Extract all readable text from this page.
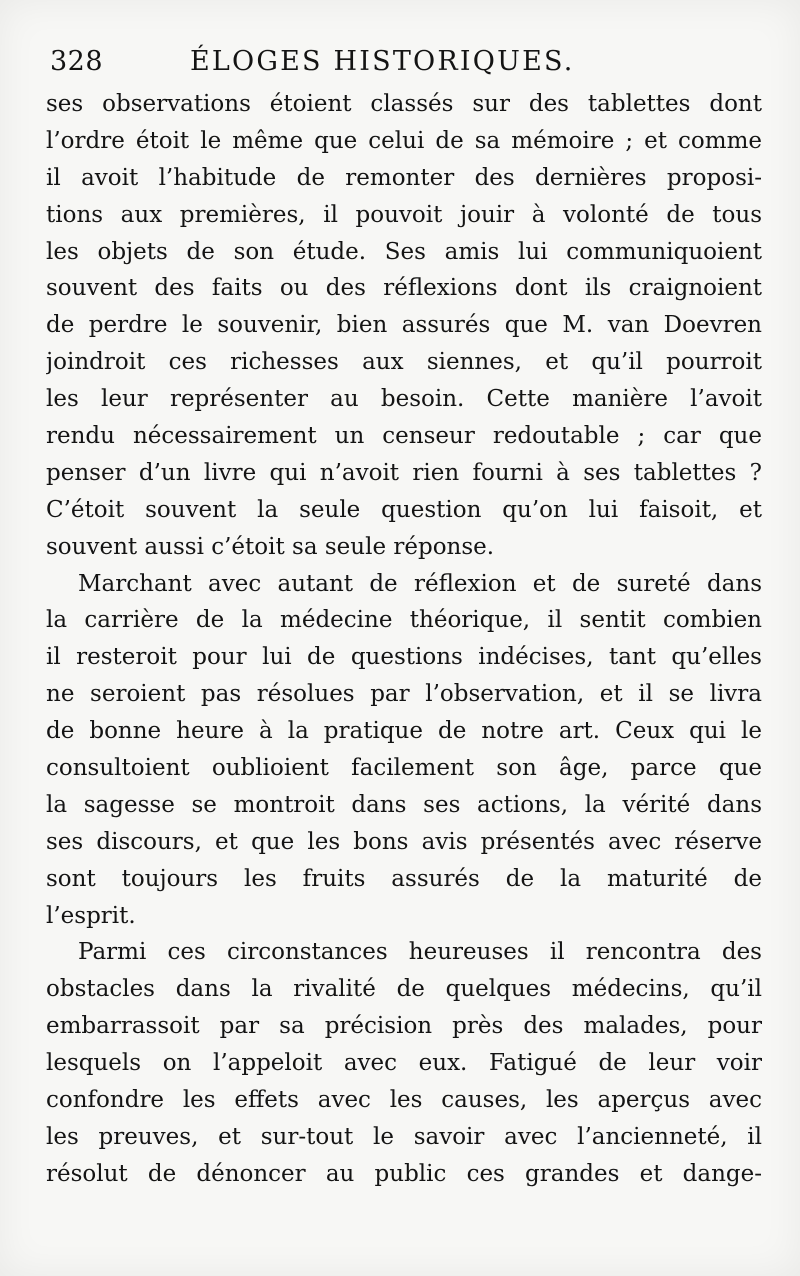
328	ÉLOGES HISTORIQUES.
ses observations étoient classés sur des tablettes dont
l’ordre étoit le même que celui de sa mémoire ; et comme
il avoit l’habitude de remonter des dernières proposi-
tions aux premières, il pouvoit jouir à volonté de tous
les objets de son étude. Ses amis lui communiquoient
souvent des faits ou des réflexions dont ils craignoient
de perdre le souvenir, bien assurés que M. van Doevren
joindroit ces richesses aux siennes, et qu’il pourroit
les leur représenter au besoin. Cette manière l’avoit
rendu nécessairement un censeur redoutable ; car que
penser d’un livre qui n’avoit rien fourni à ses tablettes ?
C’étoit souvent la seule question qu’on lui faisoit, et
souvent aussi c’étoit sa seule réponse.
Marchant avec autant de réflexion et de sureté dans
la carrière de la médecine théorique, il sentit combien
il resteroit pour lui de questions indécises, tant qu’elles
ne seroient pas résolues par l’observation, et il se livra
de bonne heure à la pratique de notre art. Ceux qui le
consultoient oublioient facilement son âge, parce que
la sagesse se montroit dans ses actions, la vérité dans
ses discours, et que les bons avis présentés avec réserve
sont toujours les fruits assurés de la maturité de
l’esprit.
Parmi ces circonstances heureuses il rencontra des
obstacles dans la rivalité de quelques médecins, qu’il
embarrassoit par sa précision près des malades, pour
lesquels on l’appeloit avec eux. Fatigué de leur voir
confondre les effets avec les causes, les aperçus avec
les preuves, et sur-tout le savoir avec l’ancienneté, il
résolut de dénoncer au public ces grandes et dange-
